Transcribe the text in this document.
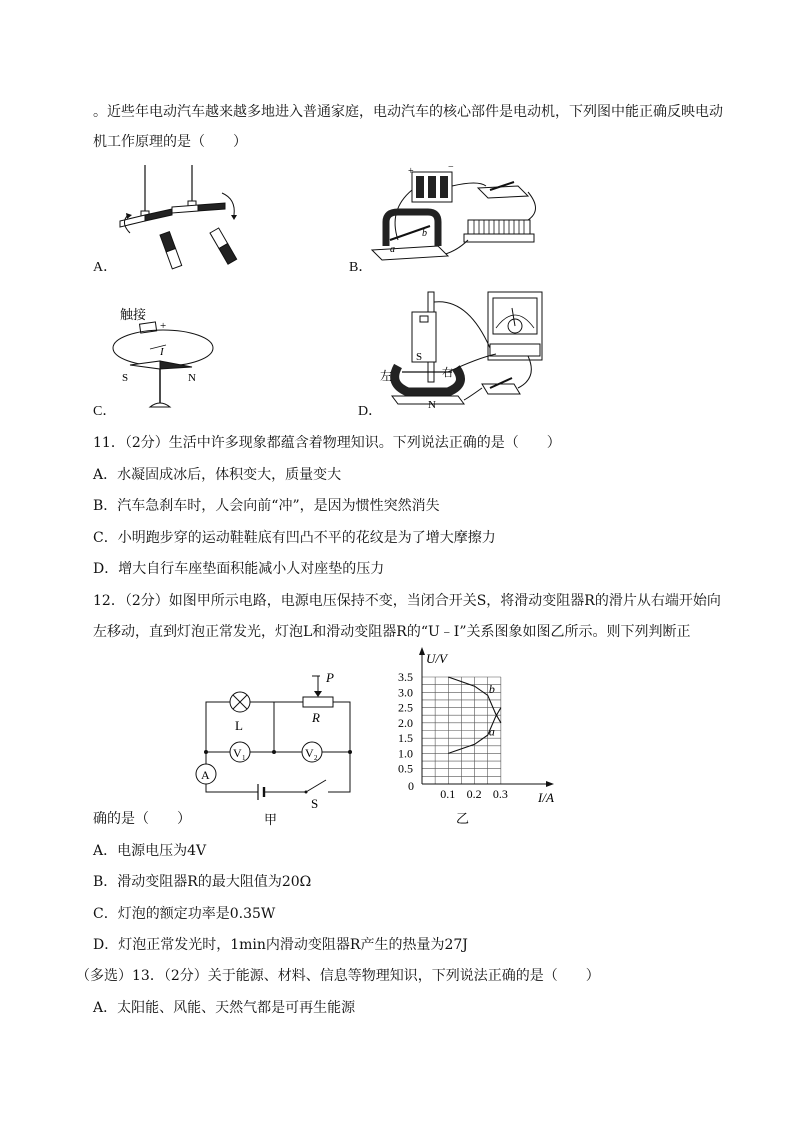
。近些年电动汽车越来越多地进入普通家庭，电动汽车的核心部件是电动机，下列图中能正确反映电动
机工作原理的是（　　）
A．
+	−
a
b
B．
触接
+
I
S	N
C．
S
左	右
N
D．
11．（2分）生活中许多现象都蕴含着物理知识。下列说法正确的是（　　）
A．水凝固成冰后，体积变大，质量变大
B．汽车急刹车时，人会向前“冲”，是因为惯性突然消失
C．小明跑步穿的运动鞋鞋底有凹凸不平的花纹是为了增大摩擦力
D．增大自行车座垫面积能减小人对座垫的压力
12．（2分）如图甲所示电路，电源电压保持不变，当闭合开关S，将滑动变阻器R的滑片从右端开始向
左移动，直到灯泡正常发光，灯泡L和滑动变阻器R的“U﹣I”关系图象如图乙所示。则下列判断正
L
R
P
V 1	V 2
A
S
甲
0.1 0.2 0.3
0.5
1.0
1.5
2.0
2.5
3.0
3.5
0
I/A
U/V
乙
a
b
确的是（　　）
A．电源电压为4V
B．滑动变阻器R的最大阻值为20Ω
C．灯泡的额定功率是0.35W
D．灯泡正常发光时，1min内滑动变阻器R产生的热量为27J
（多选）13．（2分）关于能源、材料、信息等物理知识，下列说法正确的是（　　）
A．太阳能、风能、天然气都是可再生能源
